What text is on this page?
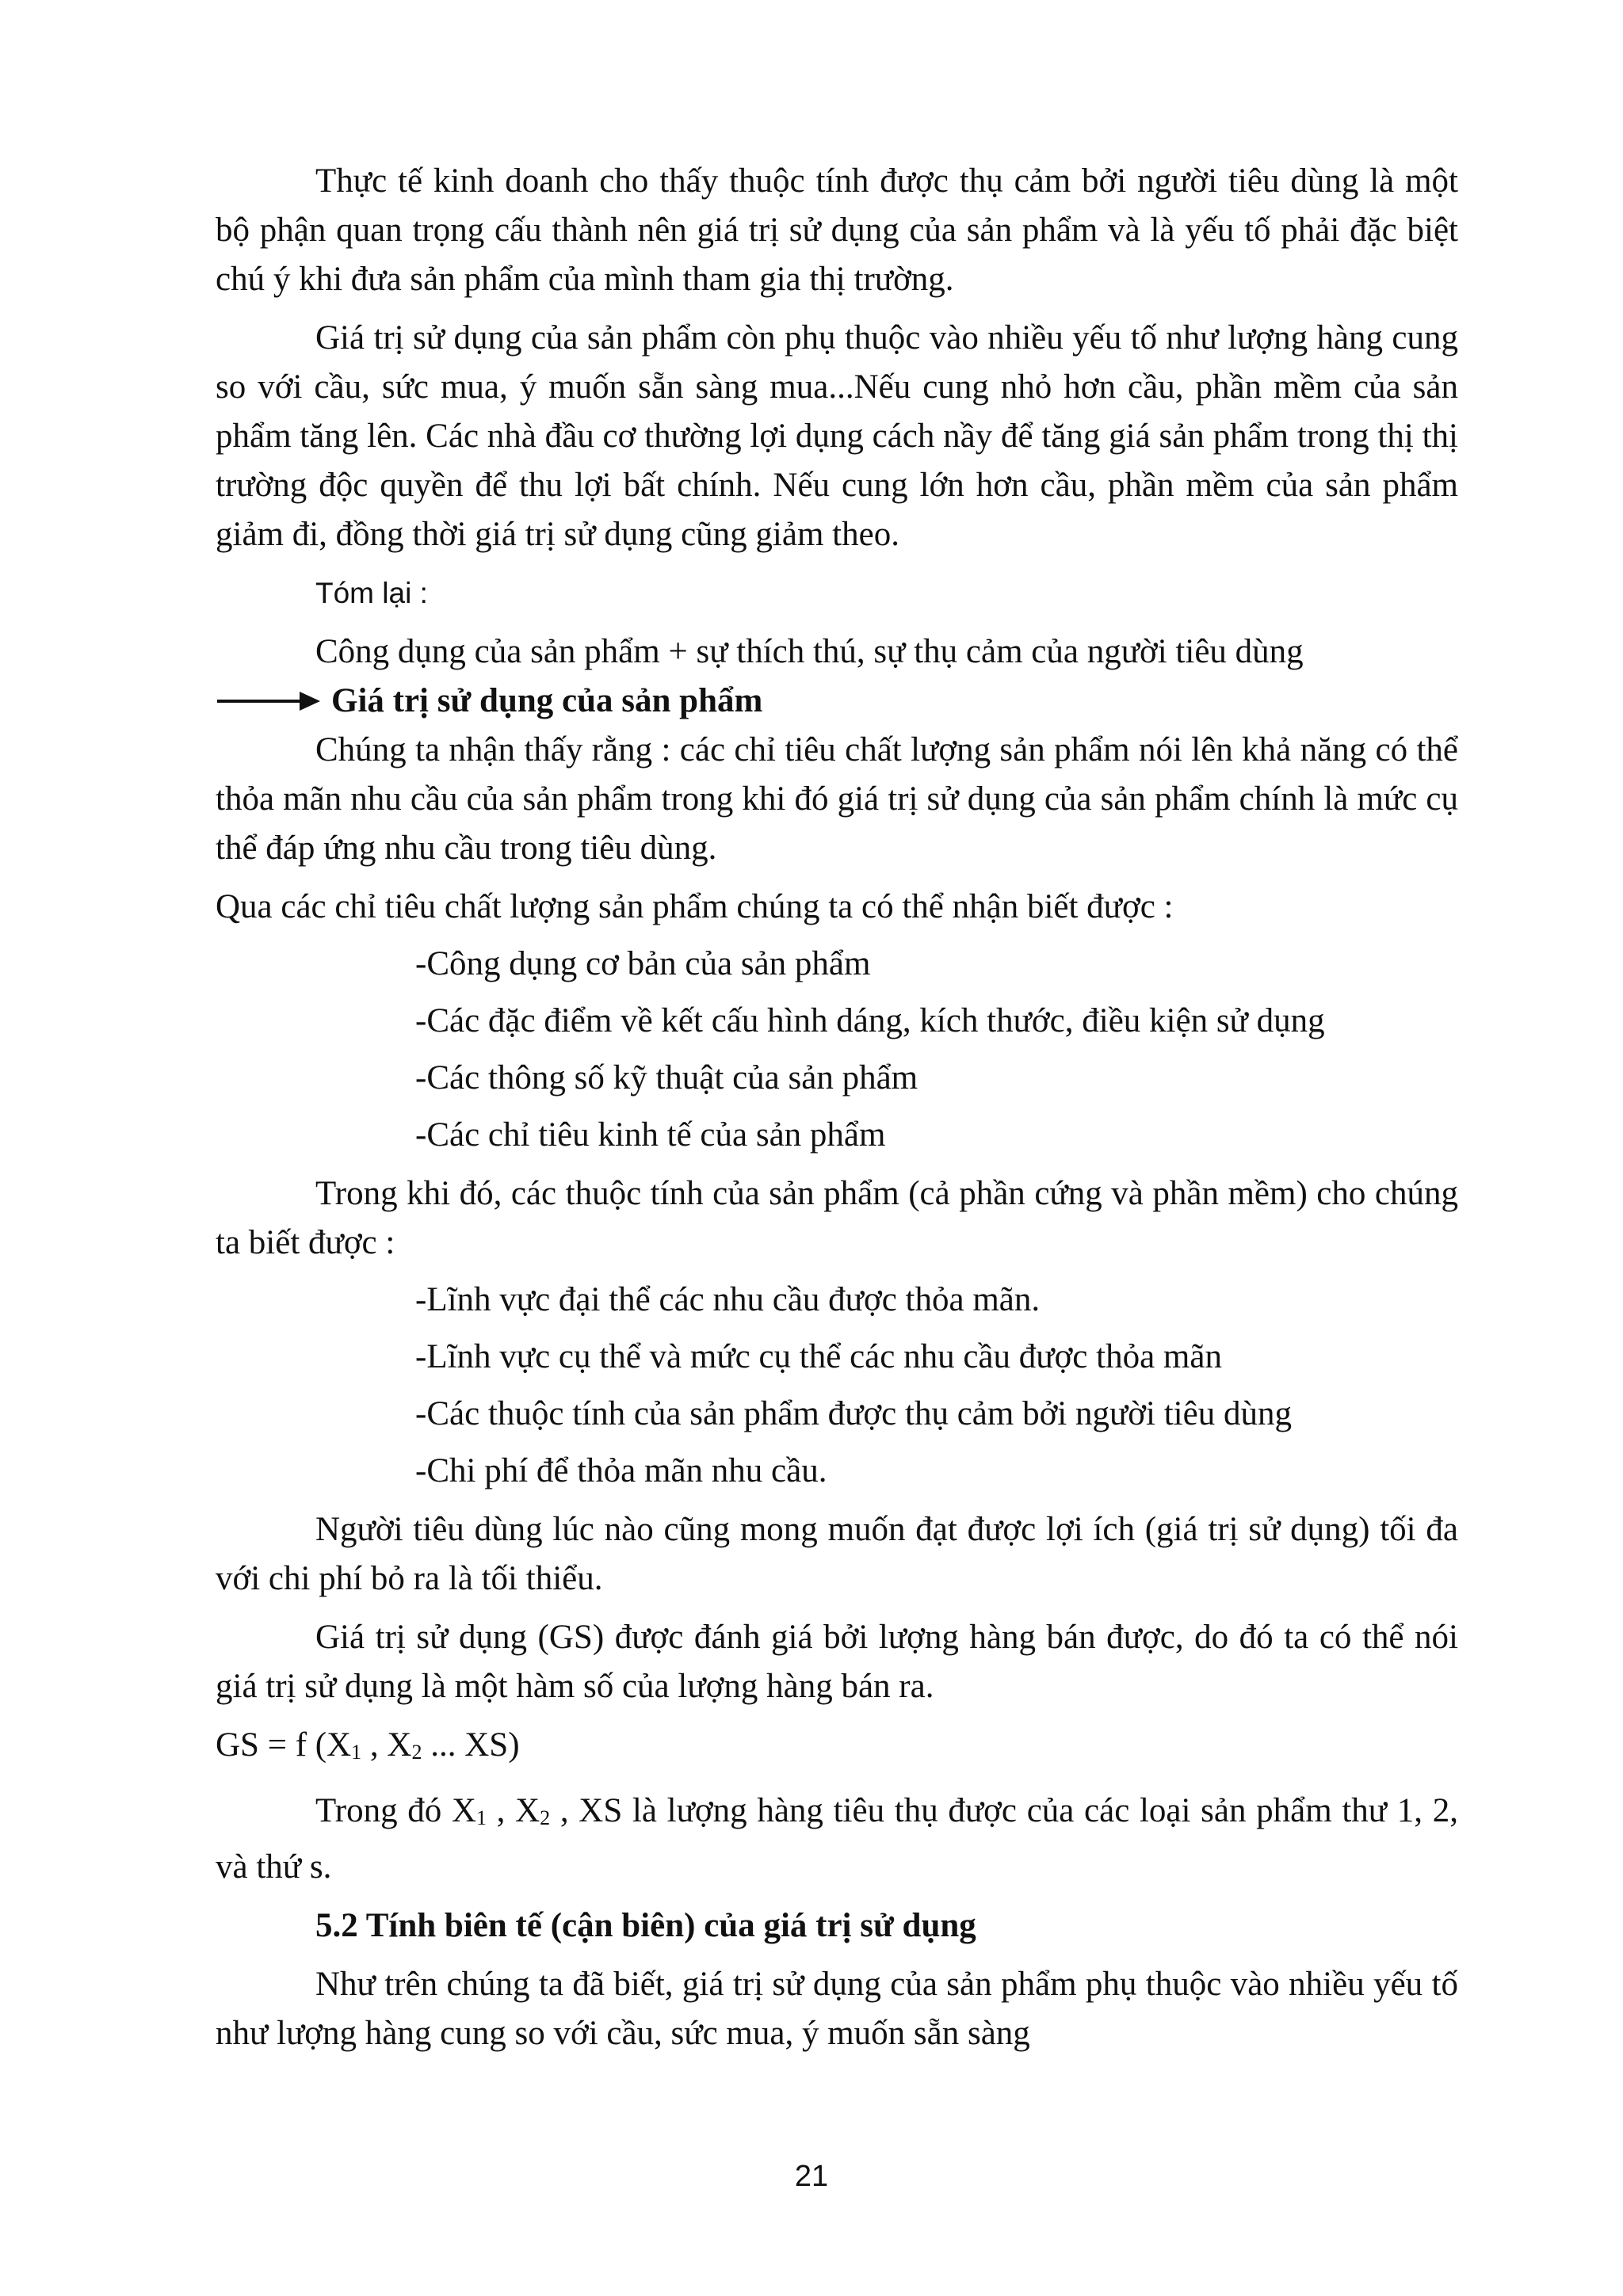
Thực tế kinh doanh cho thấy thuộc tính được thụ cảm bởi người tiêu dùng là một bộ phận quan trọng cấu thành nên giá trị sử dụng của sản phẩm và là yếu tố phải đặc biệt chú ý khi đưa sản phẩm của mình tham gia thị trường.

Giá trị sử dụng của sản phẩm còn phụ thuộc vào nhiều yếu tố như lượng hàng cung so với cầu, sức mua, ý muốn sẵn sàng mua...Nếu cung nhỏ hơn cầu, phần mềm của sản phẩm tăng lên. Các nhà đầu cơ thường lợi dụng cách nầy để tăng giá sản phẩm trong thị thị trường độc quyền để thu lợi bất chính. Nếu cung lớn hơn cầu, phần mềm của sản phẩm giảm đi, đồng thời giá trị sử dụng cũng giảm theo.

Tóm lại :

Công dụng của sản phẩm + sự thích thú, sự thụ cảm của người tiêu dùng

Giá trị sử dụng của sản phẩm

Chúng ta nhận thấy rằng : các chỉ tiêu chất lượng sản phẩm nói lên khả năng có thể thỏa mãn nhu cầu của sản phẩm trong khi đó giá trị sử dụng của sản phẩm chính là mức cụ thể đáp ứng nhu cầu trong tiêu dùng.

Qua các chỉ tiêu chất lượng sản phẩm chúng ta có thể nhận biết được :

-Công dụng cơ bản của sản phẩm

-Các đặc điểm về kết cấu hình dáng, kích thước, điều kiện sử dụng

-Các thông số kỹ thuật của sản phẩm

-Các chỉ tiêu kinh tế của sản phẩm

Trong khi đó, các thuộc tính của sản phẩm (cả phần cứng và phần mềm) cho chúng ta biết được :

-Lĩnh vực đại thể các nhu cầu được thỏa mãn.

-Lĩnh vực cụ thể và mức cụ thể các nhu cầu được thỏa mãn

-Các thuộc tính của sản phẩm được thụ cảm bởi người tiêu dùng

-Chi phí để thỏa mãn nhu cầu.

Người tiêu dùng lúc nào cũng mong muốn đạt được lợi ích (giá trị sử dụng) tối đa với chi phí bỏ ra là tối thiểu.

Giá trị sử dụng (GS) được đánh giá bởi lượng hàng bán được, do đó ta có thể nói giá trị sử dụng là một hàm số của lượng hàng bán ra.

GS = f ($X_1$ , $X_2$ ... XS)

Trong đó $X_1$ , $X_2$ , XS là lượng hàng tiêu thụ được của các loại sản phẩm thư 1, 2, và thứ s.

5.2 Tính biên tế (cận biên) của giá trị sử dụng

Như trên chúng ta đã biết, giá trị sử dụng của sản phẩm phụ thuộc vào nhiều yếu tố như lượng hàng cung so với cầu, sức mua, ý muốn sẵn sàng

21
